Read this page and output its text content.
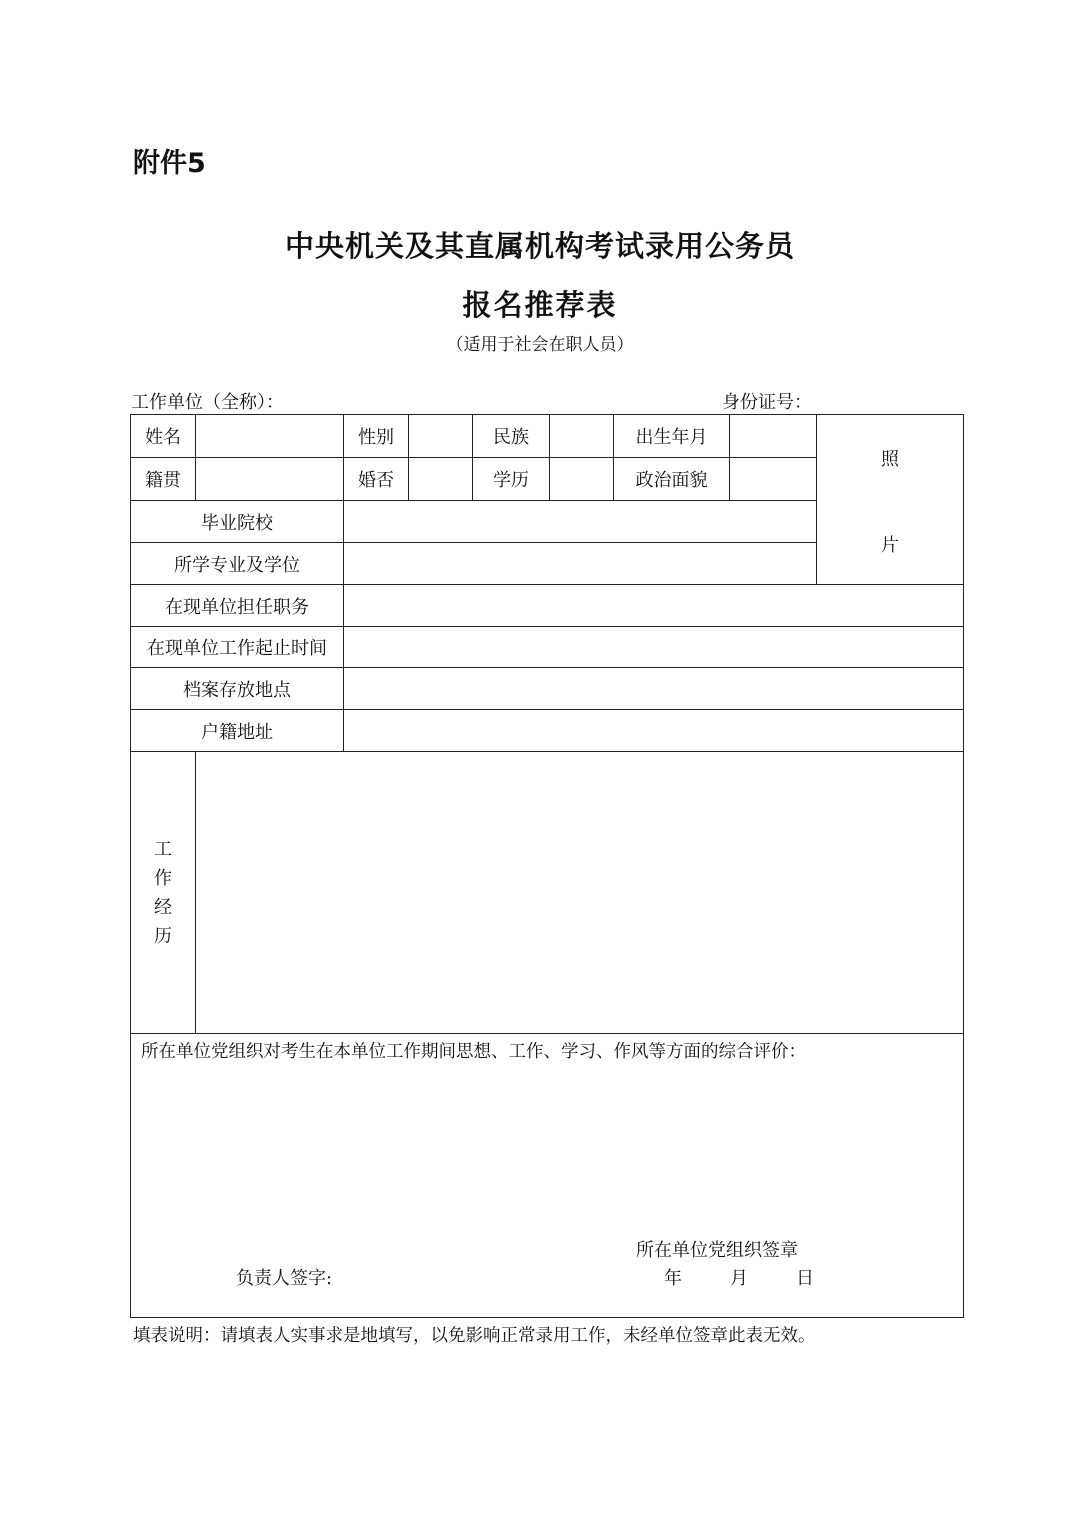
附件5
中央机关及其直属机构考试录用公务员
报名推荐表
（适用于社会在职人员）
工作单位（全称）：	身份证号：
姓名	性别	民族	出生年月
籍贯	婚否	学历	政治面貌
照
片
毕业院校
所学专业及学位
在现单位担任职务
在现单位工作起止时间
档案存放地点
户籍地址
工
作
经
历
所在单位党组织对考生在本单位工作期间思想、工作、学习、作风等方面的综合评价：
所在单位党组织签章
负责人签字:	年	月	日
填表说明：请填表人实事求是地填写，以免影响正常录用工作，未经单位签章此表无效。
